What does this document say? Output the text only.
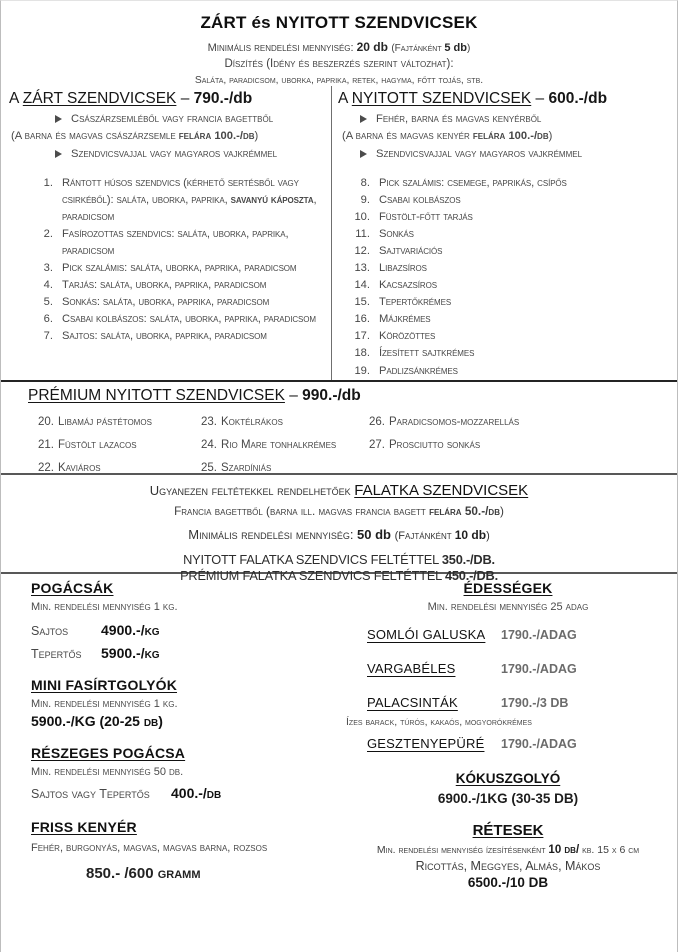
ZÁRT és NYITOTT SZENDVICSEK
Minimális rendelési mennyiség: 20 db (Fajtánként 5 db)
Díszítés (Idény és beszerzés szerint változhat):
Saláta, paradicsom, uborka, paprika, retek, hagyma, főtt tojás, stb.
A ZÁRT SZENDVICSEK – 790.-/db
Császárzsemléből vagy francia bagettből
(A barna és magvas császárzsemle felára 100.-/db)
Szendvicsvajjal vagy magyaros vajkrémmel
1. Rántott húsos szendvics (kérhető sertésből vagy csirkéből): saláta, uborka, paprika, savanyú káposzta, paradicsom
2. Fasírozottas szendvics: saláta, uborka, paprika, paradicsom
3. Pick szalámis: saláta, uborka, paprika, paradicsom
4. Tarjás: saláta, uborka, paprika, paradicsom
5. Sonkás: saláta, uborka, paprika, paradicsom
6. Csabai kolbászos: saláta, uborka, paprika, paradicsom
7. Sajtos: saláta, uborka, paprika, paradicsom
A NYITOTT SZENDVICSEK – 600.-/db
Fehér, barna és magvas kenyérből
(A barna és magvas kenyér felára 100.-/db)
Szendvicsvajjal vagy magyaros vajkrémmel
8. Pick szalámis: csemege, paprikás, csípős
9. Csabai kolbászos
10. Füstölt-főtt tarjás
11. Sonkás
12. Sajtvariációs
13. Libazsíros
14. Kacsazsíros
15. Tepertőkrémes
16. Májkrémes
17. Körözöttes
18. Ízesített sajtkrémes
19. Padlizsánkrémes
PRÉMIUM NYITOTT SZENDVICSEK – 990.-/db
20. Libamáj pástétomos
21. Füstölt lazacos
22. Kaviáros
23. Koktélrákos
24. Rio Mare tonhalkrémes
25. Szardíniás
26. Paradicsomos-mozzarellás
27. Prosciutto sonkás
Ugyanezen feltétekkel rendelhetőek FALATKA SZENDVICSEK
Francia bagettből (barna ill. magvas francia bagett felára 50.-/db)
Minimális rendelési mennyiség: 50 db (Fajtánként 10 db)
NYITOTT FALATKA SZENDVICS FELTÉTTEL 350.-/DB.
PRÉMIUM FALATKA SZENDVICS FELTÉTTEL 450.-/DB.
POGÁCSÁK
Min. rendelési mennyiség 1 kg.
Sajtos	4900.-/kg
Tepertős	5900.-/kg
MINI FASÍRTGOLYÓK
Min. rendelési mennyiség 1 kg.
5900.-/KG (20-25 db)
RÉSZEGES POGÁCSA
Min. rendelési mennyiség 50 db.
Sajtos vagy Tepertős	400.-/db
FRISS KENYÉR
Fehér, burgonyás, magvas, magvas barna, rozsos
850.- /600 gramm
ÉDESSÉGEK
Min. rendelési mennyiség 25 adag
SOMLÓI GALUSKA	1790.-/ADAG
VARGABÉLES	1790.-/ADAG
PALACSINTÁK	1790.-/3 DB
Ízes barack, túrós, kakaós, mogyorókrémes
GESZTENYEPÜRÉ	1790.-/ADAG
KÓKUSZGOLYÓ
6900.-/1KG (30-35 DB)
RÉTESEK
Min. rendelési mennyiség ízesítésenként 10 db/ kb. 15 x 6 cm
Ricottás, Meggyes, Almás, Mákos
6500.-/10 DB
